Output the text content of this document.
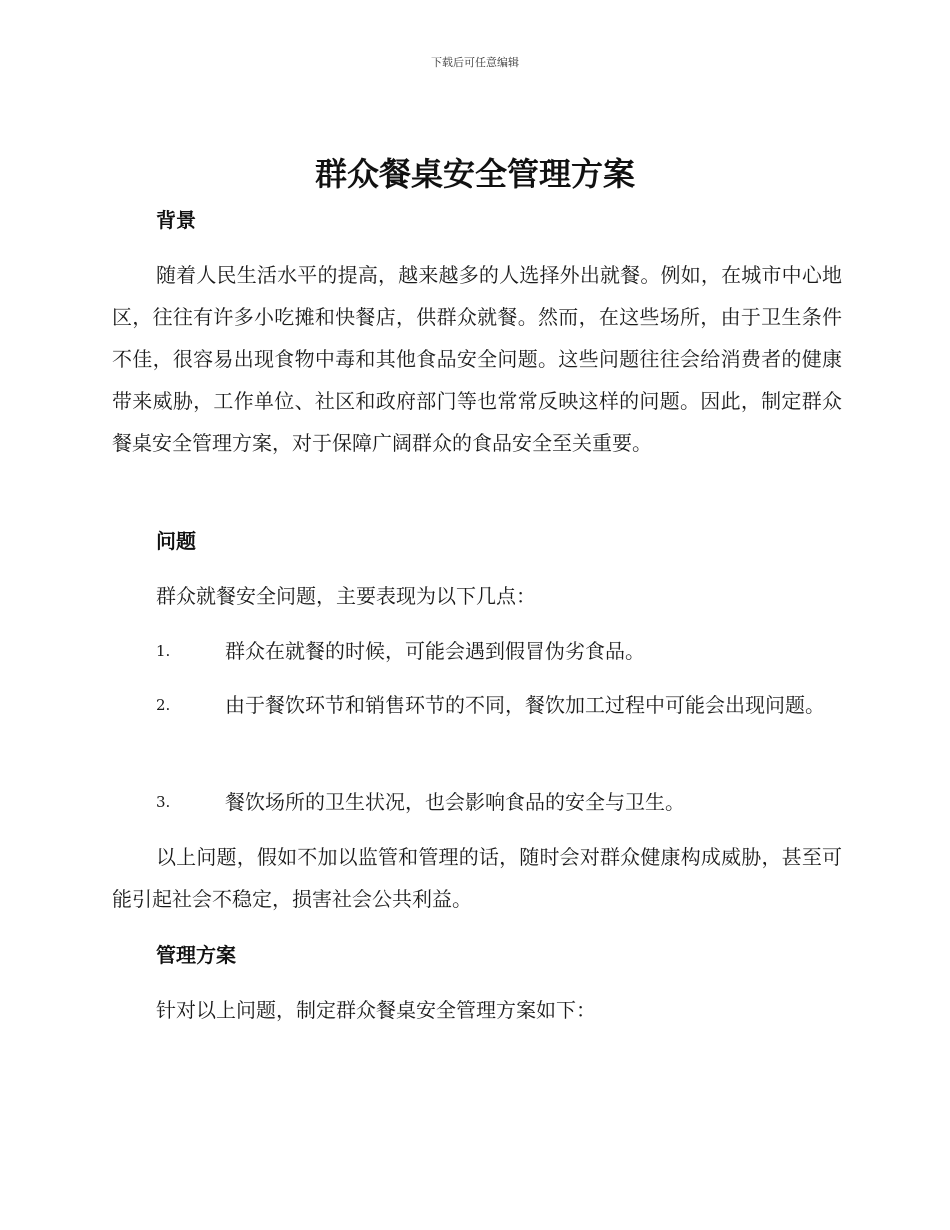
下载后可任意编辑
群众餐桌安全管理方案
背景
随着人民生活水平的提高，越来越多的人选择外出就餐。例如，在城市中心地区，往往有许多小吃摊和快餐店，供群众就餐。然而，在这些场所，由于卫生条件不佳，很容易出现食物中毒和其他食品安全问题。这些问题往往会给消费者的健康带来威胁，工作单位、社区和政府部门等也常常反映这样的问题。因此，制定群众餐桌安全管理方案，对于保障广阔群众的食品安全至关重要。
问题
群众就餐安全问题，主要表现为以下几点：
1.	群众在就餐的时候，可能会遇到假冒伪劣食品。
2.	由于餐饮环节和销售环节的不同，餐饮加工过程中可能会出现问题。
3.	餐饮场所的卫生状况，也会影响食品的安全与卫生。
以上问题，假如不加以监管和管理的话，随时会对群众健康构成威胁，甚至可能引起社会不稳定，损害社会公共利益。
管理方案
针对以上问题，制定群众餐桌安全管理方案如下：
